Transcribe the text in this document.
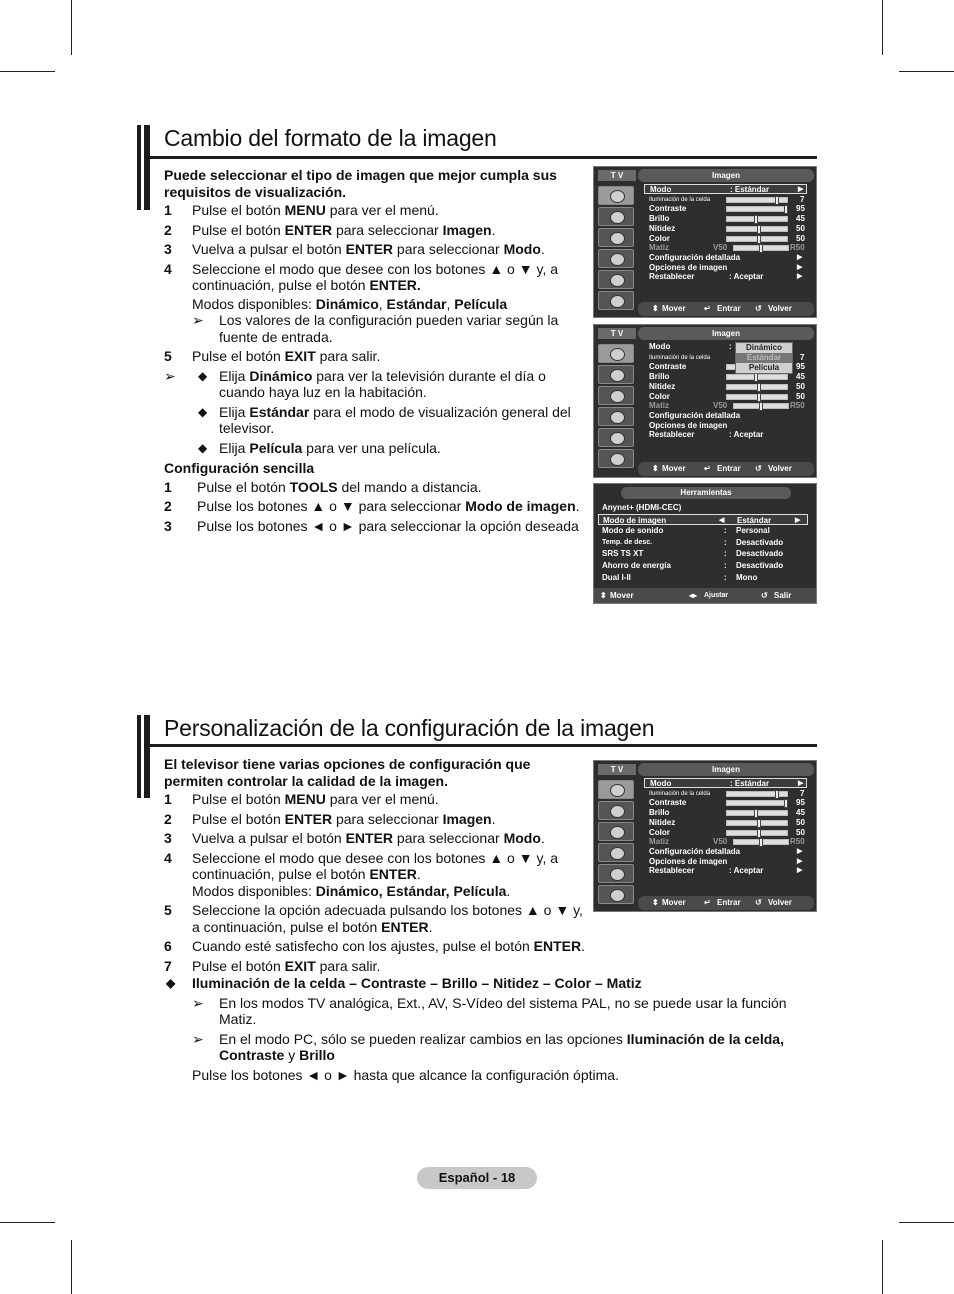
Cambio del formato de la imagen
Puede seleccionar el tipo de imagen que mejor cumpla sus requisitos de visualización.
1 Pulse el botón MENU para ver el menú.
2 Pulse el botón ENTER para seleccionar Imagen.
3 Vuelva a pulsar el botón ENTER para seleccionar Modo.
4 Seleccione el modo que desee con los botones ▲ o ▼ y, a continuación, pulse el botón ENTER.
Modos disponibles: Dinámico, Estándar, Película
➢ Los valores de la configuración pueden variar según la fuente de entrada.
5 Pulse el botón EXIT para salir.
➢ ◆ Elija Dinámico para ver la televisión durante el día o cuando haya luz en la habitación.
◆ Elija Estándar para el modo de visualización general del televisor.
◆ Elija Película para ver una película.
Configuración sencilla
1 Pulse el botón TOOLS del mando a distancia.
2 Pulse los botones ▲ o ▼ para seleccionar Modo de imagen.
3 Pulse los botones ◄ o ► para seleccionar la opción deseada
T V	Imagen
Modo	: Estándar	▶
Iluminación de la celda	7
Contraste	95
Brillo	45
Nitidez	50
Color	50
Matiz	V50	R50
Configuración detallada	▶
Opciones de imagen	▶
Restablecer	: Aceptar	▶
⬍ Mover ↵ Entrar ↺ Volver
T V	Imagen
Modo	:
Iluminación de la celda	7
Contraste	95
Brillo	45
Nitidez	50
Color	50
Matiz	V50	R50
Configuración detallada
Opciones de imagen
Restablecer	: Aceptar
Dinámico
Estándar
Película
⬍ Mover ↵ Entrar ↺ Volver
Herramientas
Anynet+ (HDMI-CEC)
Modo de imagen	◀ Estándar	▶
Modo de sonido	: Personal
Temp. de desc.	: Desactivado
SRS TS XT	: Desactivado
Ahorro de energía	: Desactivado
Dual I-II	: Mono
⬍ Mover	◂▸ Ajustar	↺ Salir
Personalización de la configuración de la imagen
El televisor tiene varias opciones de configuración que permiten controlar la calidad de la imagen.
1 Pulse el botón MENU para ver el menú.
2 Pulse el botón ENTER para seleccionar Imagen.
3 Vuelva a pulsar el botón ENTER para seleccionar Modo.
4 Seleccione el modo que desee con los botones ▲ o ▼ y, a continuación, pulse el botón ENTER.
Modos disponibles: Dinámico, Estándar, Película.
5 Seleccione la opción adecuada pulsando los botones ▲ o ▼ y, a continuación, pulse el botón ENTER.
6 Cuando esté satisfecho con los ajustes, pulse el botón ENTER.
7 Pulse el botón EXIT para salir.
◆ Iluminación de la celda – Contraste – Brillo – Nitidez – Color – Matiz
➢ En los modos TV analógica, Ext., AV, S-Vídeo del sistema PAL, no se puede usar la función Matiz.
➢ En el modo PC, sólo se pueden realizar cambios en las opciones Iluminación de la celda, Contraste y Brillo
Pulse los botones ◄ o ► hasta que alcance la configuración óptima.
T V	Imagen
Modo	: Estándar	▶
Iluminación de la celda	7
Contraste	95
Brillo	45
Nitidez	50
Color	50
Matiz	V50	R50
Configuración detallada	▶
Opciones de imagen	▶
Restablecer	: Aceptar	▶
⬍ Mover ↵ Entrar ↺ Volver
Español - 18
